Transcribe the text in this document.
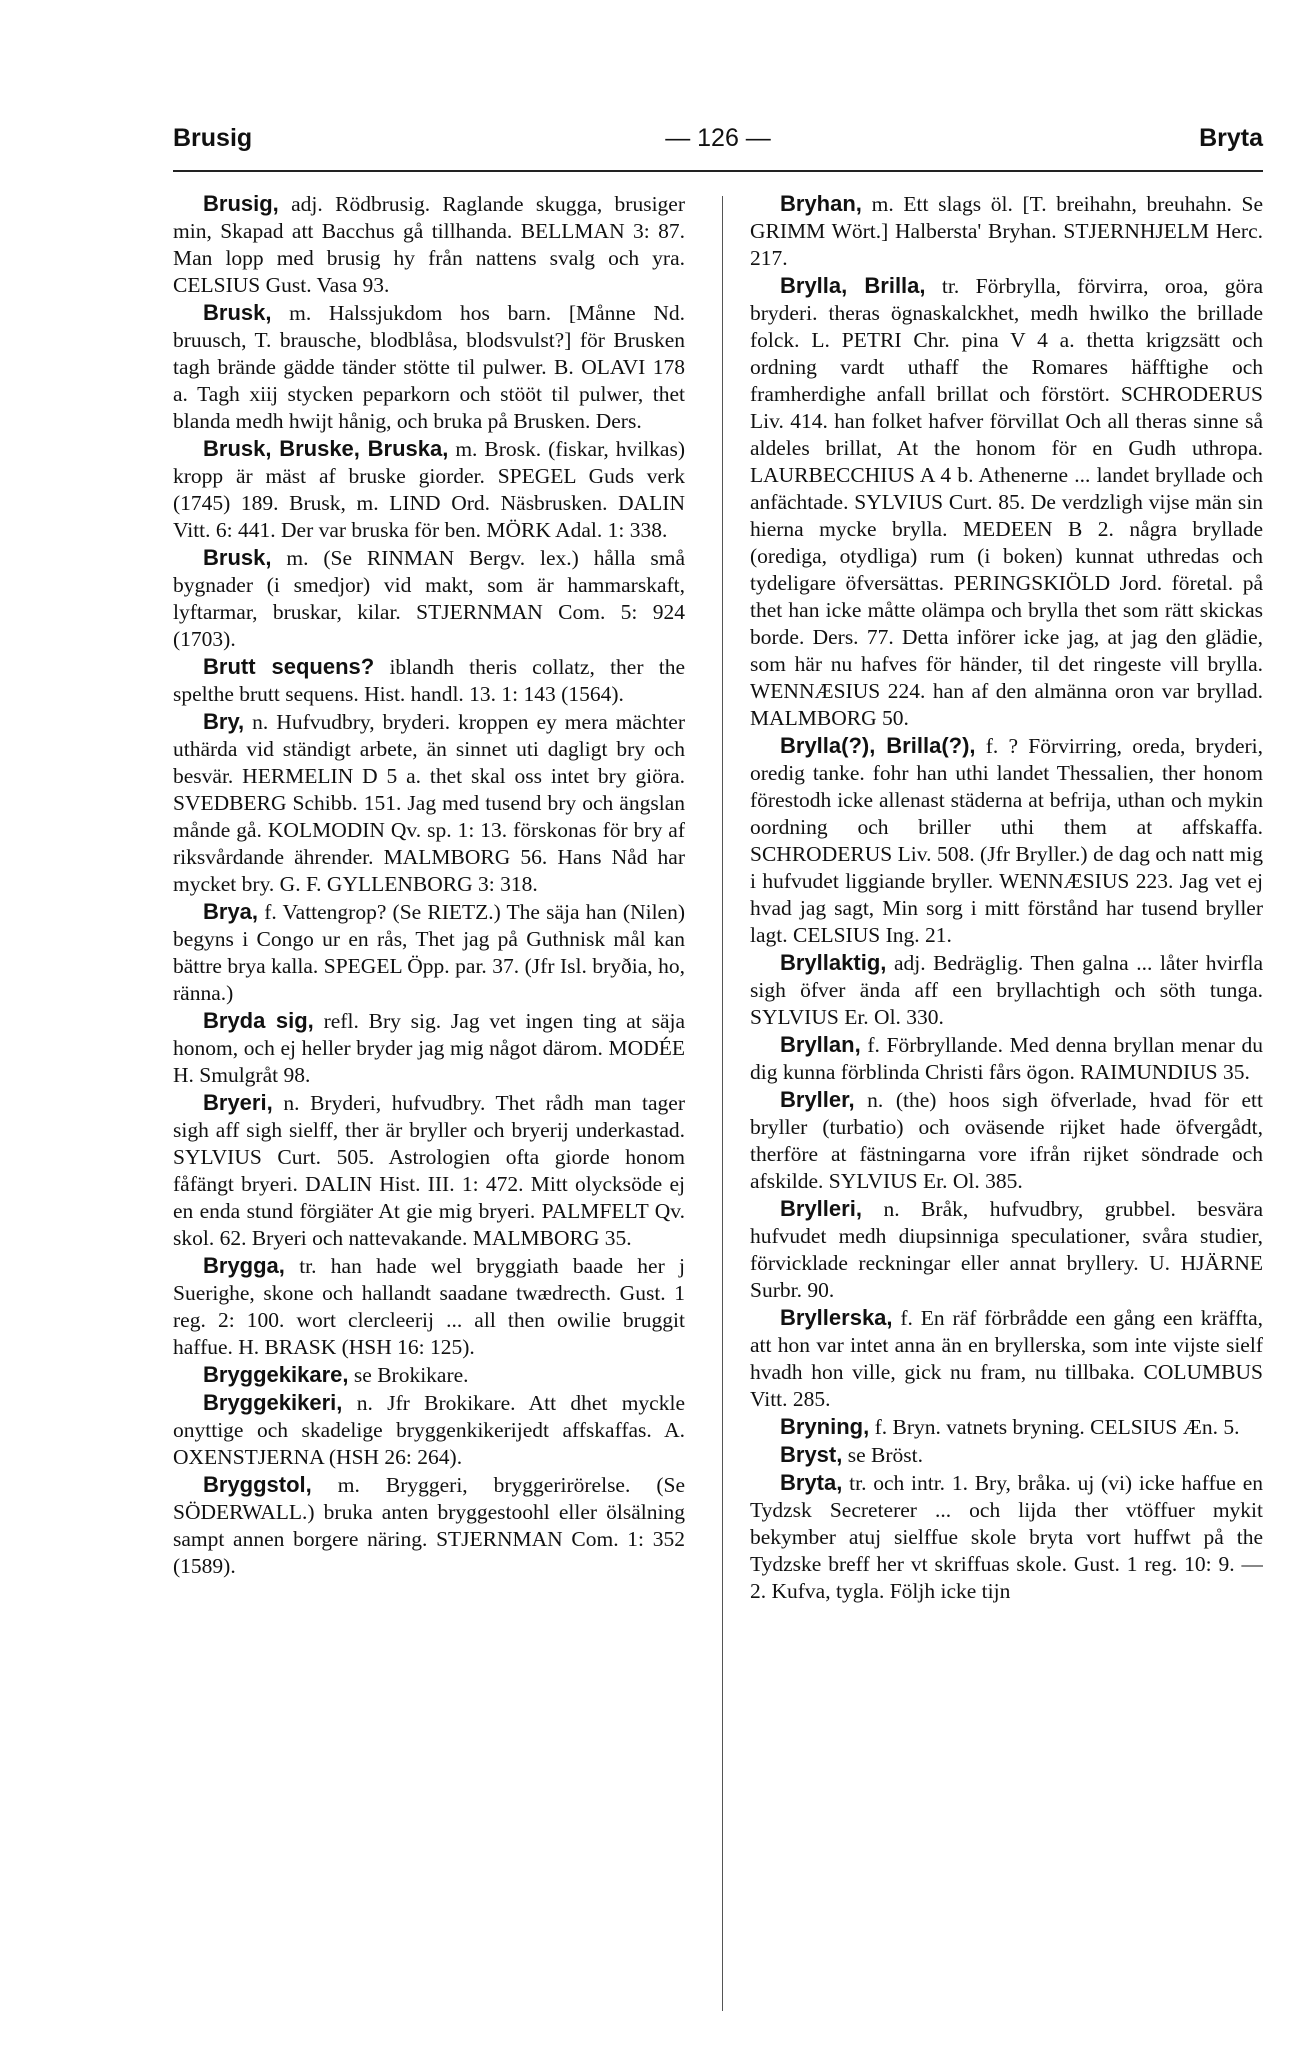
Brusig	— 126 —	Bryta

Brusig, adj. Rödbrusig. Raglande skugga, brusiger min, Skapad att Bacchus gå tillhanda. BELLMAN 3: 87. Man lopp med brusig hy från nattens svalg och yra. CELSIUS Gust. Vasa 93.

Brusk, m. Halssjukdom hos barn. [Månne Nd. bruusch, T. brausche, blodblåsa, blodsvulst?] för Brusken tagh brände gädde tänder stötte til pulwer. B. OLAVI 178 a. Tagh xiij stycken peparkorn och stööt til pulwer, thet blanda medh hwijt hånig, och bruka på Brusken. Ders.

Brusk, Bruske, Bruska, m. Brosk. (fiskar, hvilkas) kropp är mäst af bruske giorder. SPEGEL Guds verk (1745) 189. Brusk, m. LIND Ord. Näsbrusken. DALIN Vitt. 6: 441. Der var bruska för ben. MÖRK Adal. 1: 338.

Brusk, m. (Se RINMAN Bergv. lex.) hålla små bygnader (i smedjor) vid makt, som är hammarskaft, lyftarmar, bruskar, kilar. STJERNMAN Com. 5: 924 (1703).

Brutt sequens? iblandh theris collatz, ther the spelthe brutt sequens. Hist. handl. 13. 1: 143 (1564).

Bry, n. Hufvudbry, bryderi. kroppen ey mera mächter uthärda vid ständigt arbete, än sinnet uti dagligt bry och besvär. HERMELIN D 5 a. thet skal oss intet bry giöra. SVEDBERG Schibb. 151. Jag med tusend bry och ängslan månde gå. KOLMODIN Qv. sp. 1: 13. förskonas för bry af riksvårdande ährender. MALMBORG 56. Hans Nåd har mycket bry. G. F. GYLLENBORG 3: 318.

Brya, f. Vattengrop? (Se RIETZ.) The säja han (Nilen) begyns i Congo ur en rås, Thet jag på Guthnisk mål kan bättre brya kalla. SPEGEL Öpp. par. 37. (Jfr Isl. bryðia, ho, ränna.)

Bryda sig, refl. Bry sig. Jag vet ingen ting at säja honom, och ej heller bryder jag mig något därom. MODÉE H. Smulgråt 98.

Bryeri, n. Bryderi, hufvudbry. Thet rådh man tager sigh aff sigh sielff, ther är bryller och bryerij underkastad. SYLVIUS Curt. 505. Astrologien ofta giorde honom fåfängt bryeri. DALIN Hist. III. 1: 472. Mitt olycksöde ej en enda stund förgiäter At gie mig bryeri. PALMFELT Qv. skol. 62. Bryeri och nattevakande. MALMBORG 35.

Brygga, tr. han hade wel bryggiath baade her j Suerighe, skone och hallandt saadane twædrecth. Gust. 1 reg. 2: 100. wort clercleerij ... all then owilie bruggit haffue. H. BRASK (HSH 16: 125).

Bryggekikare, se Brokikare.

Bryggekikeri, n. Jfr Brokikare. Att dhet myckle onyttige och skadelige bryggenkikerijedt affskaffas. A. OXENSTJERNA (HSH 26: 264).

Bryggstol, m. Bryggeri, bryggerirörelse. (Se SÖDERWALL.) bruka anten bryggestoohl eller ölsälning sampt annen borgere näring. STJERNMAN Com. 1: 352 (1589).

Bryhan, m. Ett slags öl. [T. breihahn, breuhahn. Se GRIMM Wört.] Halbersta' Bryhan. STJERNHJELM Herc. 217.

Brylla, Brilla, tr. Förbrylla, förvirra, oroa, göra bryderi. theras ögnaskalckhet, medh hwilko the brillade folck. L. PETRI Chr. pina V 4 a. thetta krigzsätt och ordning vardt uthaff the Romares häfftighe och framherdighe anfall brillat och förstört. SCHRODERUS Liv. 414. han folket hafver förvillat Och all theras sinne så aldeles brillat, At the honom för en Gudh uthropa. LAURBECCHIUS A 4 b. Athenerne ... landet bryllade och anfächtade. SYLVIUS Curt. 85. De verdzligh vijse män sin hierna mycke brylla. MEDEEN B 2. några bryllade (orediga, otydliga) rum (i boken) kunnat uthredas och tydeligare öfversättas. PERINGSKIÖLD Jord. företal. på thet han icke måtte olämpa och brylla thet som rätt skickas borde. Ders. 77. Detta införer icke jag, at jag den glädie, som här nu hafves för händer, til det ringeste vill brylla. WENNÆSIUS 224. han af den almänna oron var bryllad. MALMBORG 50.

Brylla(?), Brilla(?), f. ? Förvirring, oreda, bryderi, oredig tanke. fohr han uthi landet Thessalien, ther honom förestodh icke allenast städerna at befrija, uthan och mykin oordning och briller uthi them at affskaffa. SCHRODERUS Liv. 508. (Jfr Bryller.) de dag och natt mig i hufvudet liggiande bryller. WENNÆSIUS 223. Jag vet ej hvad jag sagt, Min sorg i mitt förstånd har tusend bryller lagt. CELSIUS Ing. 21.

Bryllaktig, adj. Bedräglig. Then galna ... låter hvirfla sigh öfver ända aff een bryllachtigh och söth tunga. SYLVIUS Er. Ol. 330.

Bryllan, f. Förbryllande. Med denna bryllan menar du dig kunna förblinda Christi fårs ögon. RAIMUNDIUS 35.

Bryller, n. (the) hoos sigh öfverlade, hvad för ett bryller (turbatio) och oväsende rijket hade öfvergådt, therföre at fästningarna vore ifrån rijket söndrade och afskilde. SYLVIUS Er. Ol. 385.

Brylleri, n. Bråk, hufvudbry, grubbel. besvära hufvudet medh diupsinniga speculationer, svåra studier, förvicklade reckningar eller annat bryllery. U. HJÄRNE Surbr. 90.

Bryllerska, f. En räf förbrådde een gång een kräffta, att hon var intet anna än en bryllerska, som inte vijste sielf hvadh hon ville, gick nu fram, nu tillbaka. COLUMBUS Vitt. 285.

Bryning, f. Bryn. vatnets bryning. CELSIUS Æn. 5.

Bryst, se Bröst.

Bryta, tr. och intr. 1. Bry, bråka. uj (vi) icke haffue en Tydzsk Secreterer ... och lijda ther vtöffuer mykit bekymber atuj sielffue skole bryta vort huffwt på the Tydzske breff her vt skriffuas skole. Gust. 1 reg. 10: 9. — 2. Kufva, tygla. Följh icke tijn
